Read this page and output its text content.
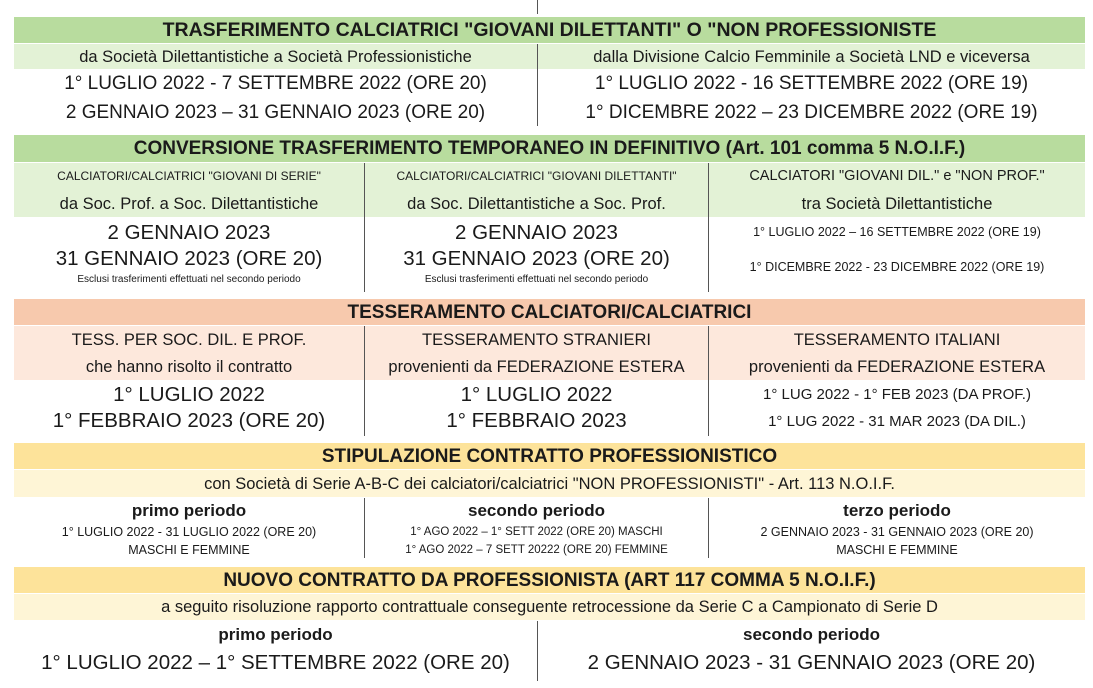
TRASFERIMENTO CALCIATRICI "GIOVANI DILETTANTI" O "NON PROFESSIONISTE
da Società Dilettantistiche a Società Professionistiche	dalla Divisione Calcio Femminile a Società LND e viceversa
1° LUGLIO 2022 - 7 SETTEMBRE 2022 (ORE 20)
2 GENNAIO 2023 – 31 GENNAIO 2023 (ORE 20)
1° LUGLIO 2022 - 16 SETTEMBRE 2022 (ORE 19)
1° DICEMBRE 2022 – 23 DICEMBRE 2022 (ORE 19)
CONVERSIONE TRASFERIMENTO TEMPORANEO IN DEFINITIVO (Art. 101 comma 5 N.O.I.F.)
CALCIATORI/CALCIATRICI "GIOVANI DI SERIE"
da Soc. Prof. a Soc. Dilettantistiche
2 GENNAIO 2023
31 GENNAIO 2023 (ORE 20)
Esclusi trasferimenti effettuati nel secondo periodo
CALCIATORI/CALCIATRICI "GIOVANI DILETTANTI"
da Soc. Dilettantistiche a Soc. Prof.
2 GENNAIO 2023
31 GENNAIO 2023 (ORE 20)
Esclusi trasferimenti effettuati nel secondo periodo
CALCIATORI "GIOVANI DIL." e "NON PROF."
tra Società Dilettantistiche
1° LUGLIO 2022 – 16 SETTEMBRE 2022 (ORE 19)
1° DICEMBRE 2022 - 23 DICEMBRE 2022 (ORE 19)
TESSERAMENTO CALCIATORI/CALCIATRICI
TESS. PER SOC. DIL. E PROF.
che hanno risolto il contratto
1° LUGLIO 2022
1° FEBBRAIO 2023 (ORE 20)
TESSERAMENTO STRANIERI
provenienti da FEDERAZIONE ESTERA
1° LUGLIO 2022
1° FEBBRAIO 2023
TESSERAMENTO ITALIANI
provenienti da FEDERAZIONE ESTERA
1° LUG 2022 - 1° FEB 2023 (DA PROF.)
1° LUG 2022 - 31 MAR 2023 (DA DIL.)
STIPULAZIONE CONTRATTO PROFESSIONISTICO
con Società di Serie A-B-C dei calciatori/calciatrici "NON PROFESSIONISTI" - Art. 113 N.O.I.F.
primo periodo
1° LUGLIO 2022 - 31 LUGLIO 2022 (ORE 20)
MASCHI E FEMMINE
secondo periodo
1° AGO 2022 – 1° SETT 2022 (ORE 20) MASCHI
1° AGO 2022 – 7 SETT 20222 (ORE 20) FEMMINE
terzo periodo
2 GENNAIO 2023 - 31 GENNAIO 2023 (ORE 20)
MASCHI E FEMMINE
NUOVO CONTRATTO DA PROFESSIONISTA (ART 117 COMMA 5 N.O.I.F.)
a seguito risoluzione rapporto contrattuale conseguente retrocessione da Serie C a Campionato di Serie D
primo periodo
1° LUGLIO 2022 – 1° SETTEMBRE 2022 (ORE 20)
secondo periodo
2 GENNAIO 2023 - 31 GENNAIO 2023 (ORE 20)
